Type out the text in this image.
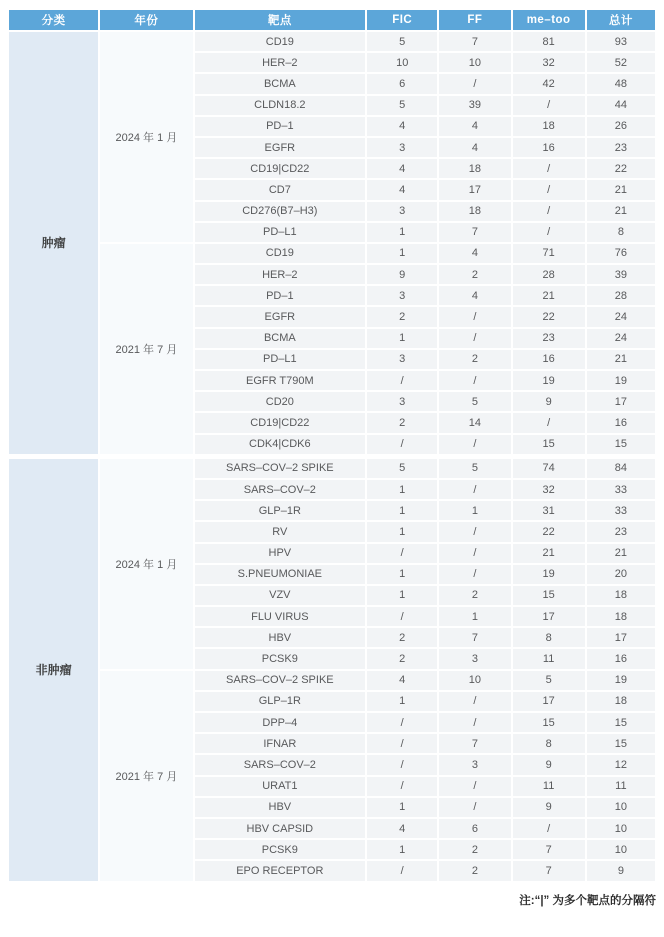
分类	年份	靶点	FIC	FF	me–too	总计
肿瘤	2024 年 1 月	CD19	5	7	81	93
		HER–2	10	10	32	52
		BCMA	6	/	42	48
		CLDN18.2	5	39	/	44
		PD–1	4	4	18	26
		EGFR	3	4	16	23
		CD19|CD22	4	18	/	22
		CD7	4	17	/	21
		CD276(B7–H3)	3	18	/	21
		PD–L1	1	7	/	8
	2021 年 7 月	CD19	1	4	71	76
		HER–2	9	2	28	39
		PD–1	3	4	21	28
		EGFR	2	/	22	24
		BCMA	1	/	23	24
		PD–L1	3	2	16	21
		EGFR T790M	/	/	19	19
		CD20	3	5	9	17
		CD19|CD22	2	14	/	16
		CDK4|CDK6	/	/	15	15

非肿瘤	2024 年 1 月	SARS–COV–2 SPIKE	5	5	74	84
		SARS–COV–2	1	/	32	33
		GLP–1R	1	1	31	33
		RV	1	/	22	23
		HPV	/	/	21	21
		S.PNEUMONIAE	1	/	19	20
		VZV	1	2	15	18
		FLU VIRUS	/	1	17	18
		HBV	2	7	8	17
		PCSK9	2	3	11	16
	2021 年 7 月	SARS–COV–2 SPIKE	4	10	5	19
		GLP–1R	1	/	17	18
		DPP–4	/	/	15	15
		IFNAR	/	7	8	15
		SARS–COV–2	/	3	9	12
		URAT1	/	/	11	11
		HBV	1	/	9	10
		HBV CAPSID	4	6	/	10
		PCSK9	1	2	7	10
		EPO RECEPTOR	/	2	7	9
注:“|” 为多个靶点的分隔符
